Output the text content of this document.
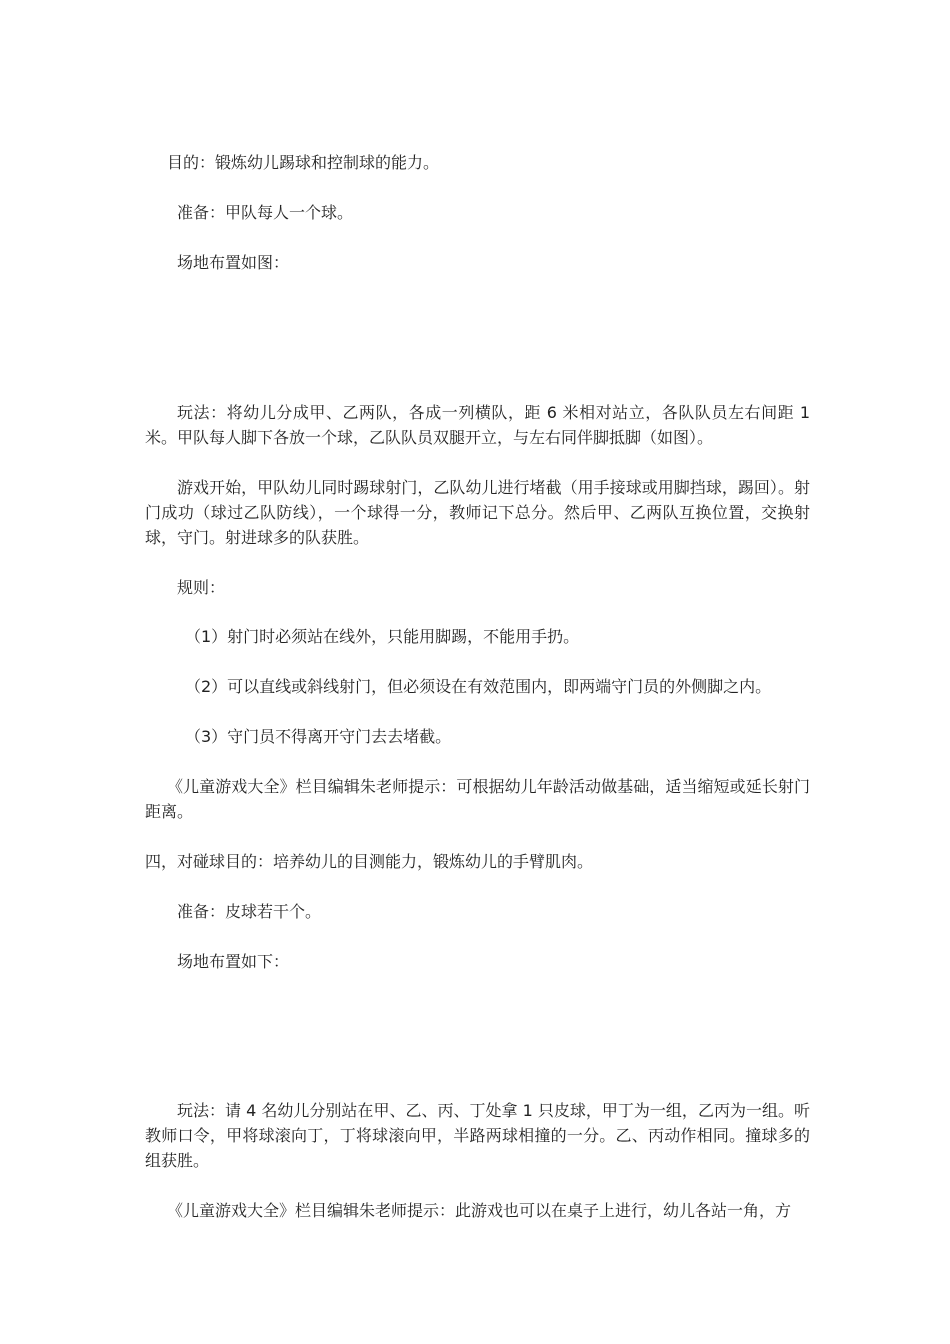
目的：锻炼幼儿踢球和控制球的能力。

准备：甲队每人一个球。

场地布置如图：

玩法：将幼儿分成甲、乙两队，各成一列横队，距 6 米相对站立，各队队员左右间距 1 米。甲队每人脚下各放一个球，乙队队员双腿开立，与左右同伴脚抵脚（如图）。

游戏开始，甲队幼儿同时踢球射门，乙队幼儿进行堵截（用手接球或用脚挡球，踢回）。射门成功（球过乙队防线），一个球得一分，教师记下总分。然后甲、乙两队互换位置，交换射球，守门。射进球多的队获胜。

规则：

（1）射门时必须站在线外，只能用脚踢，不能用手扔。

（2）可以直线或斜线射门，但必须设在有效范围内，即两端守门员的外侧脚之内。

（3）守门员不得离开守门去去堵截。

《儿童游戏大全》栏目编辑朱老师提示：可根据幼儿年龄活动做基础，适当缩短或延长射门距离。

四，对碰球目的：培养幼儿的目测能力，锻炼幼儿的手臂肌肉。

准备：皮球若干个。

场地布置如下：

玩法：请 4 名幼儿分别站在甲、乙、丙、丁处拿 1 只皮球，甲丁为一组，乙丙为一组。听教师口令，甲将球滚向丁，丁将球滚向甲，半路两球相撞的一分。乙、丙动作相同。撞球多的组获胜。

《儿童游戏大全》栏目编辑朱老师提示：此游戏也可以在桌子上进行，幼儿各站一角，方
